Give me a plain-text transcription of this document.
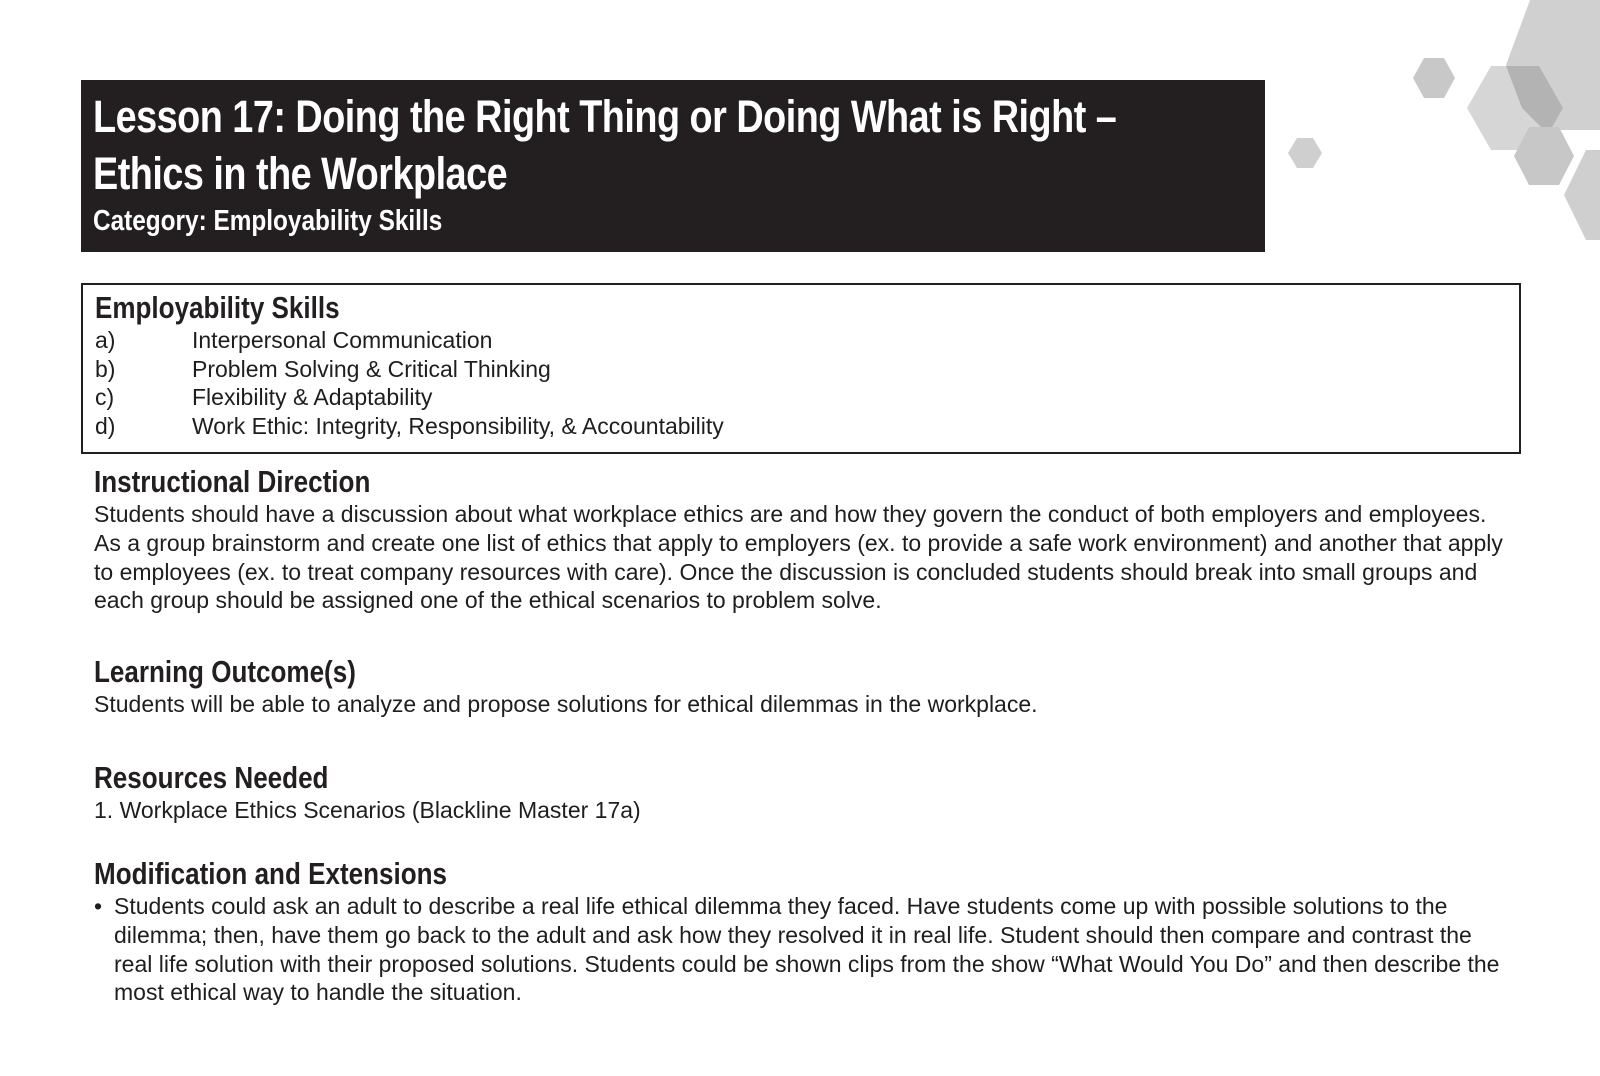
Lesson 17: Doing the Right Thing or Doing What is Right –
Ethics in the Workplace
Category: Employability Skills
Employability Skills
a)	Interpersonal Communication
b)	Problem Solving & Critical Thinking
c)	Flexibility & Adaptability
d)	Work Ethic: Integrity, Responsibility, & Accountability
Instructional Direction

Students should have a discussion about what workplace ethics are and how they govern the conduct of both employers and employees. As a group brainstorm and create one list of ethics that apply to employers (ex. to provide a safe work environment) and another that apply to employees (ex. to treat company resources with care). Once the discussion is concluded students should break into small groups and each group should be assigned one of the ethical scenarios to problem solve.

Learning Outcome(s)

Students will be able to analyze and propose solutions for ethical dilemmas in the workplace.

Resources Needed

1. Workplace Ethics Scenarios (Blackline Master 17a)

Modification and Extensions
• Students could ask an adult to describe a real life ethical dilemma they faced. Have students come up with possible solutions to the dilemma; then, have them go back to the adult and ask how they resolved it in real life. Student should then compare and contrast the real life solution with their proposed solutions. Students could be shown clips from the show “What Would You Do” and then describe the most ethical way to handle the situation.
